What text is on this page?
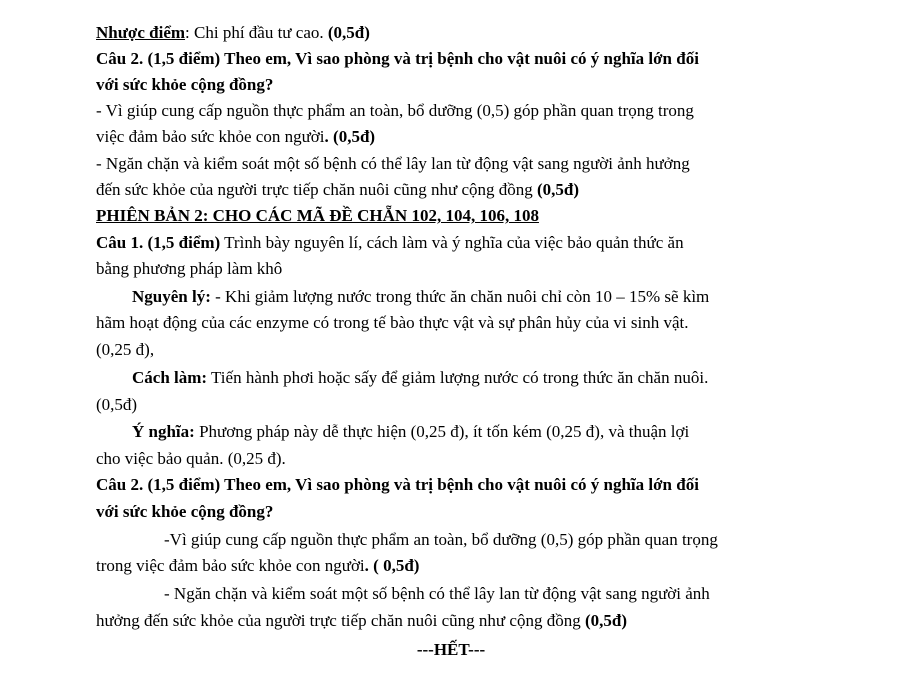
Nhược điểm: Chi phí đầu tư cao. (0,5đ)
Câu 2. (1,5 điểm) Theo em, Vì sao phòng và trị bệnh cho vật nuôi có ý nghĩa lớn đối
với sức khỏe cộng đồng?
- Vì giúp cung cấp nguồn thực phẩm an toàn, bổ dưỡng (0,5) góp phần quan trọng trong
việc đảm bảo sức khỏe con người. (0,5đ)
- Ngăn chặn và kiểm soát một số bệnh có thể lây lan từ động vật sang người ảnh hưởng
đến sức khỏe của người trực tiếp chăn nuôi cũng như cộng đồng (0,5đ)
PHIÊN BẢN 2: CHO CÁC MÃ ĐỀ CHẴN 102, 104, 106, 108
Câu 1. (1,5 điểm) Trình bày nguyên lí, cách làm và ý nghĩa của việc bảo quản thức ăn
bằng phương pháp làm khô
Nguyên lý: - Khi giảm lượng nước trong thức ăn chăn nuôi chỉ còn 10 – 15% sẽ kìm
hãm hoạt động của các enzyme có trong tế bào thực vật và sự phân hủy của vi sinh vật.
(0,25 đ),
Cách làm: Tiến hành phơi hoặc sấy để giảm lượng nước có trong thức ăn chăn nuôi.
(0,5đ)
Ý nghĩa: Phương pháp này dễ thực hiện (0,25 đ), ít tốn kém (0,25 đ), và thuận lợi
cho việc bảo quản. (0,25 đ).
Câu 2. (1,5 điểm) Theo em, Vì sao phòng và trị bệnh cho vật nuôi có ý nghĩa lớn đối
với sức khỏe cộng đồng?
-Vì giúp cung cấp nguồn thực phẩm an toàn, bổ dưỡng (0,5) góp phần quan trọng
trong việc đảm bảo sức khỏe con người. ( 0,5đ)
- Ngăn chặn và kiểm soát một số bệnh có thể lây lan từ động vật sang người ảnh
hưởng đến sức khỏe của người trực tiếp chăn nuôi cũng như cộng đồng (0,5đ)
---HẾT---
